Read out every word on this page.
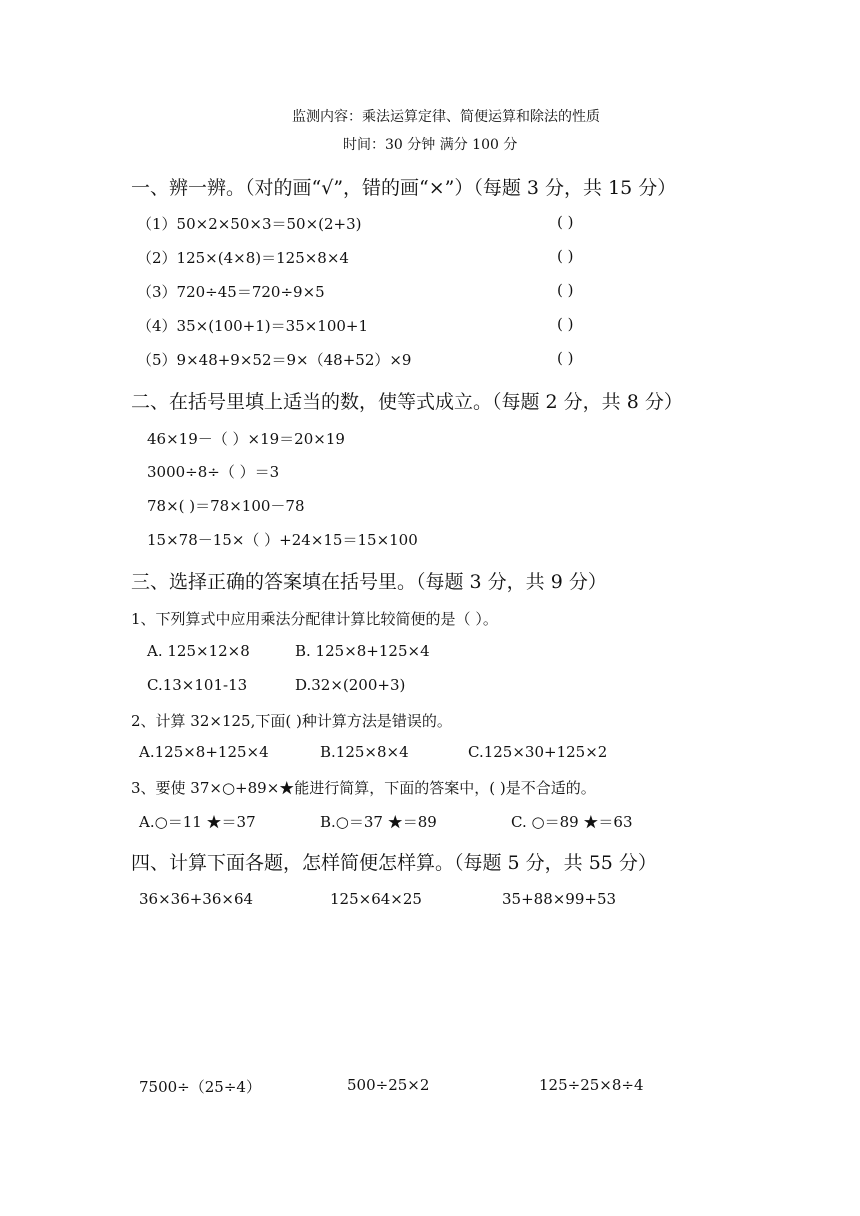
监测内容：乘法运算定律、简便运算和除法的性质
时间：30 分钟 满分 100 分
一、辨一辨。（对的画“√”，错的画“×”）（每题 3 分，共 15 分）
（1）50×2×50×3＝50×(2+3)	( )
（2）125×(4×8)＝125×8×4	( )
（3）720÷45＝720÷9×5	( )
（4）35×(100+1)＝35×100+1	( )
（5）9×48+9×52＝9×（48+52）×9	( )
二、在括号里填上适当的数，使等式成立。（每题 2 分，共 8 分）
46×19－（ ）×19＝20×19
3000÷8÷（ ）＝3
78×( )＝78×100－78
15×78－15×（ ）+24×15＝15×100
三、选择正确的答案填在括号里。（每题 3 分，共 9 分）
1、下列算式中应用乘法分配律计算比较简便的是（ ）。
A. 125×12×8	B. 125×8+125×4
C.13×101-13	D.32×(200+3)
2、计算 32×125,下面( )种计算方法是错误的。
A.125×8+125×4	B.125×8×4	C.125×30+125×2
3、要使 37×○+89×★能进行简算，下面的答案中，( )是不合适的。
A.○＝11 ★＝37	B.○＝37 ★＝89	C. ○＝89 ★＝63
四、计算下面各题，怎样简便怎样算。（每题 5 分，共 55 分）
36×36+36×64	125×64×25	35+88×99+53
7500÷（25÷4）	500÷25×2	125÷25×8÷4
